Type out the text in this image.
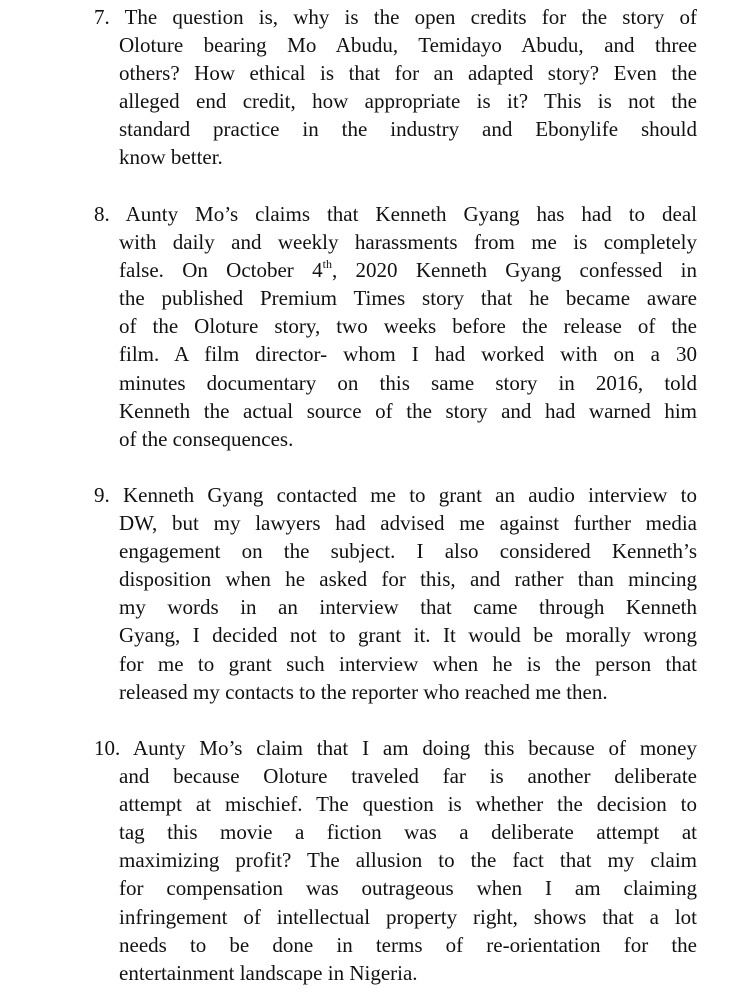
7. The question is, why is the open credits for the story of
Oloture bearing Mo Abudu, Temidayo Abudu, and three
others? How ethical is that for an adapted story? Even the
alleged end credit, how appropriate is it? This is not the
standard practice in the industry and Ebonylife should
know better.
8. Aunty Mo’s claims that Kenneth Gyang has had to deal
with daily and weekly harassments from me is completely
false. On October 4th, 2020 Kenneth Gyang confessed in
the published Premium Times story that he became aware
of the Oloture story, two weeks before the release of the
film. A film director- whom I had worked with on a 30
minutes documentary on this same story in 2016, told
Kenneth the actual source of the story and had warned him
of the consequences.
9. Kenneth Gyang contacted me to grant an audio interview to
DW, but my lawyers had advised me against further media
engagement on the subject. I also considered Kenneth’s
disposition when he asked for this, and rather than mincing
my words in an interview that came through Kenneth
Gyang, I decided not to grant it. It would be morally wrong
for me to grant such interview when he is the person that
released my contacts to the reporter who reached me then.
10. Aunty Mo’s claim that I am doing this because of money
and because Oloture traveled far is another deliberate
attempt at mischief. The question is whether the decision to
tag this movie a fiction was a deliberate attempt at
maximizing profit? The allusion to the fact that my claim
for compensation was outrageous when I am claiming
infringement of intellectual property right, shows that a lot
needs to be done in terms of re-orientation for the
entertainment landscape in Nigeria.
